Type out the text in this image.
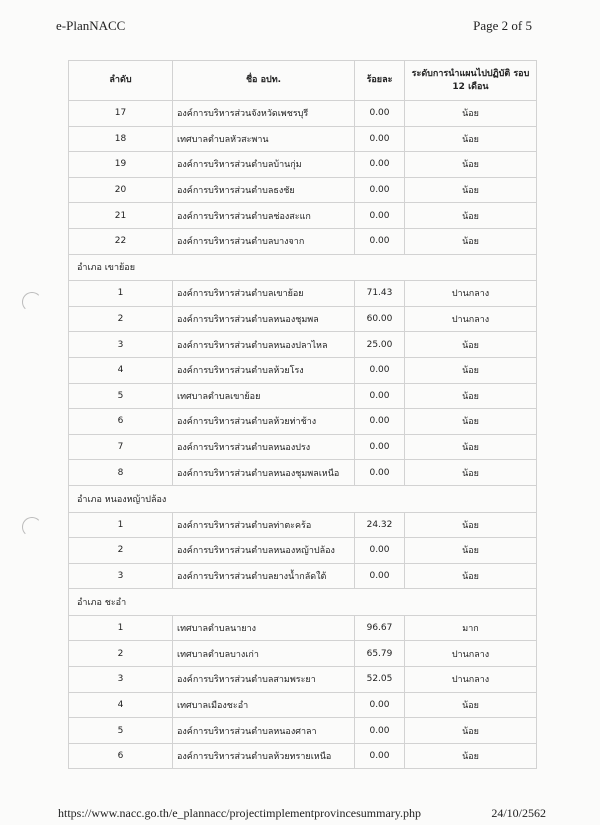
e-PlanNACC	Page 2 of 5
ลำดับ	ชื่อ อปท.	ร้อยละ	ระดับการนำแผนไปปฏิบัติ รอบ 12 เดือน
17	องค์การบริหารส่วนจังหวัดเพชรบุรี	0.00	น้อย
18	เทศบาลตำบลหัวสะพาน	0.00	น้อย
19	องค์การบริหารส่วนตำบลบ้านกุ่ม	0.00	น้อย
20	องค์การบริหารส่วนตำบลธงชัย	0.00	น้อย
21	องค์การบริหารส่วนตำบลช่องสะแก	0.00	น้อย
22	องค์การบริหารส่วนตำบลบางจาก	0.00	น้อย
อำเภอ เขาย้อย			
1	องค์การบริหารส่วนตำบลเขาย้อย	71.43	ปานกลาง
2	องค์การบริหารส่วนตำบลหนองชุมพล	60.00	ปานกลาง
3	องค์การบริหารส่วนตำบลหนองปลาไหล	25.00	น้อย
4	องค์การบริหารส่วนตำบลห้วยโรง	0.00	น้อย
5	เทศบาลตำบลเขาย้อย	0.00	น้อย
6	องค์การบริหารส่วนตำบลห้วยท่าช้าง	0.00	น้อย
7	องค์การบริหารส่วนตำบลหนองปรง	0.00	น้อย
8	องค์การบริหารส่วนตำบลหนองชุมพลเหนือ	0.00	น้อย
อำเภอ หนองหญ้าปล้อง			
1	องค์การบริหารส่วนตำบลท่าตะคร้อ	24.32	น้อย
2	องค์การบริหารส่วนตำบลหนองหญ้าปล้อง	0.00	น้อย
3	องค์การบริหารส่วนตำบลยางน้ำกลัดใต้	0.00	น้อย
อำเภอ ชะอำ			
1	เทศบาลตำบลนายาง	96.67	มาก
2	เทศบาลตำบลบางเก่า	65.79	ปานกลาง
3	องค์การบริหารส่วนตำบลสามพระยา	52.05	ปานกลาง
4	เทศบาลเมืองชะอำ	0.00	น้อย
5	องค์การบริหารส่วนตำบลหนองศาลา	0.00	น้อย
6	องค์การบริหารส่วนตำบลห้วยทรายเหนือ	0.00	น้อย
https://www.nacc.go.th/e_plannacc/projectimplementprovincesummary.php	24/10/2562
